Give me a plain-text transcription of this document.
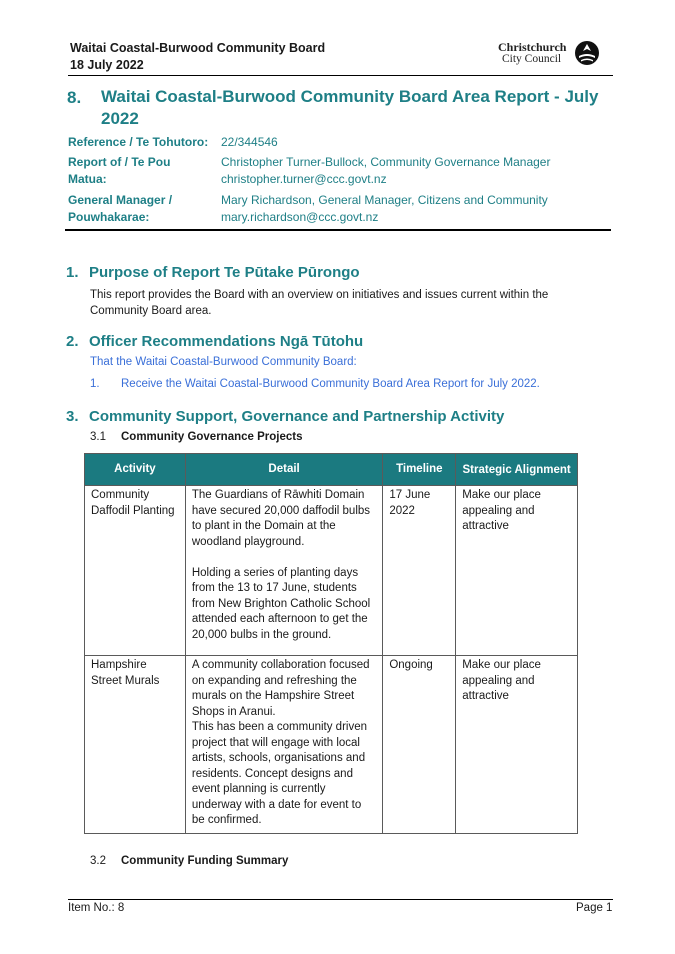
Waitai Coastal-Burwood Community Board
18 July 2022
Christchurch
City Council
8. Waitai Coastal-Burwood Community Board Area Report - July 2022
Reference / Te Tohutoro:	22/344546
Report of / Te Pou Matua:
Christopher Turner-Bullock, Community Governance Manager
christopher.turner@ccc.govt.nz
General Manager / Pouwhakarae:
Mary Richardson, General Manager, Citizens and Community
mary.richardson@ccc.govt.nz
1. Purpose of Report Te Pūtake Pūrongo
This report provides the Board with an overview on initiatives and issues current within the Community Board area.
2. Officer Recommendations Ngā Tūtohu
That the Waitai Coastal-Burwood Community Board:
1. Receive the Waitai Coastal-Burwood Community Board Area Report for July 2022.
3. Community Support, Governance and Partnership Activity
3.1 Community Governance Projects
Activity	Detail	Timeline	Strategic Alignment
Community Daffodil Planting	The Guardians of Rāwhiti Domain have secured 20,000 daffodil bulbs to plant in the Domain at the woodland playground.
Holding a series of planting days from the 13 to 17 June, students from New Brighton Catholic School attended each afternoon to get the 20,000 bulbs in the ground.	17 June 2022	Make our place appealing and attractive
Hampshire Street Murals	A community collaboration focused on expanding and refreshing the murals on the Hampshire Street Shops in Aranui.
This has been a community driven project that will engage with local artists, schools, organisations and residents. Concept designs and event planning is currently underway with a date for event to be confirmed.	Ongoing	Make our place appealing and attractive
3.2 Community Funding Summary
Item No.: 8	Page 1
